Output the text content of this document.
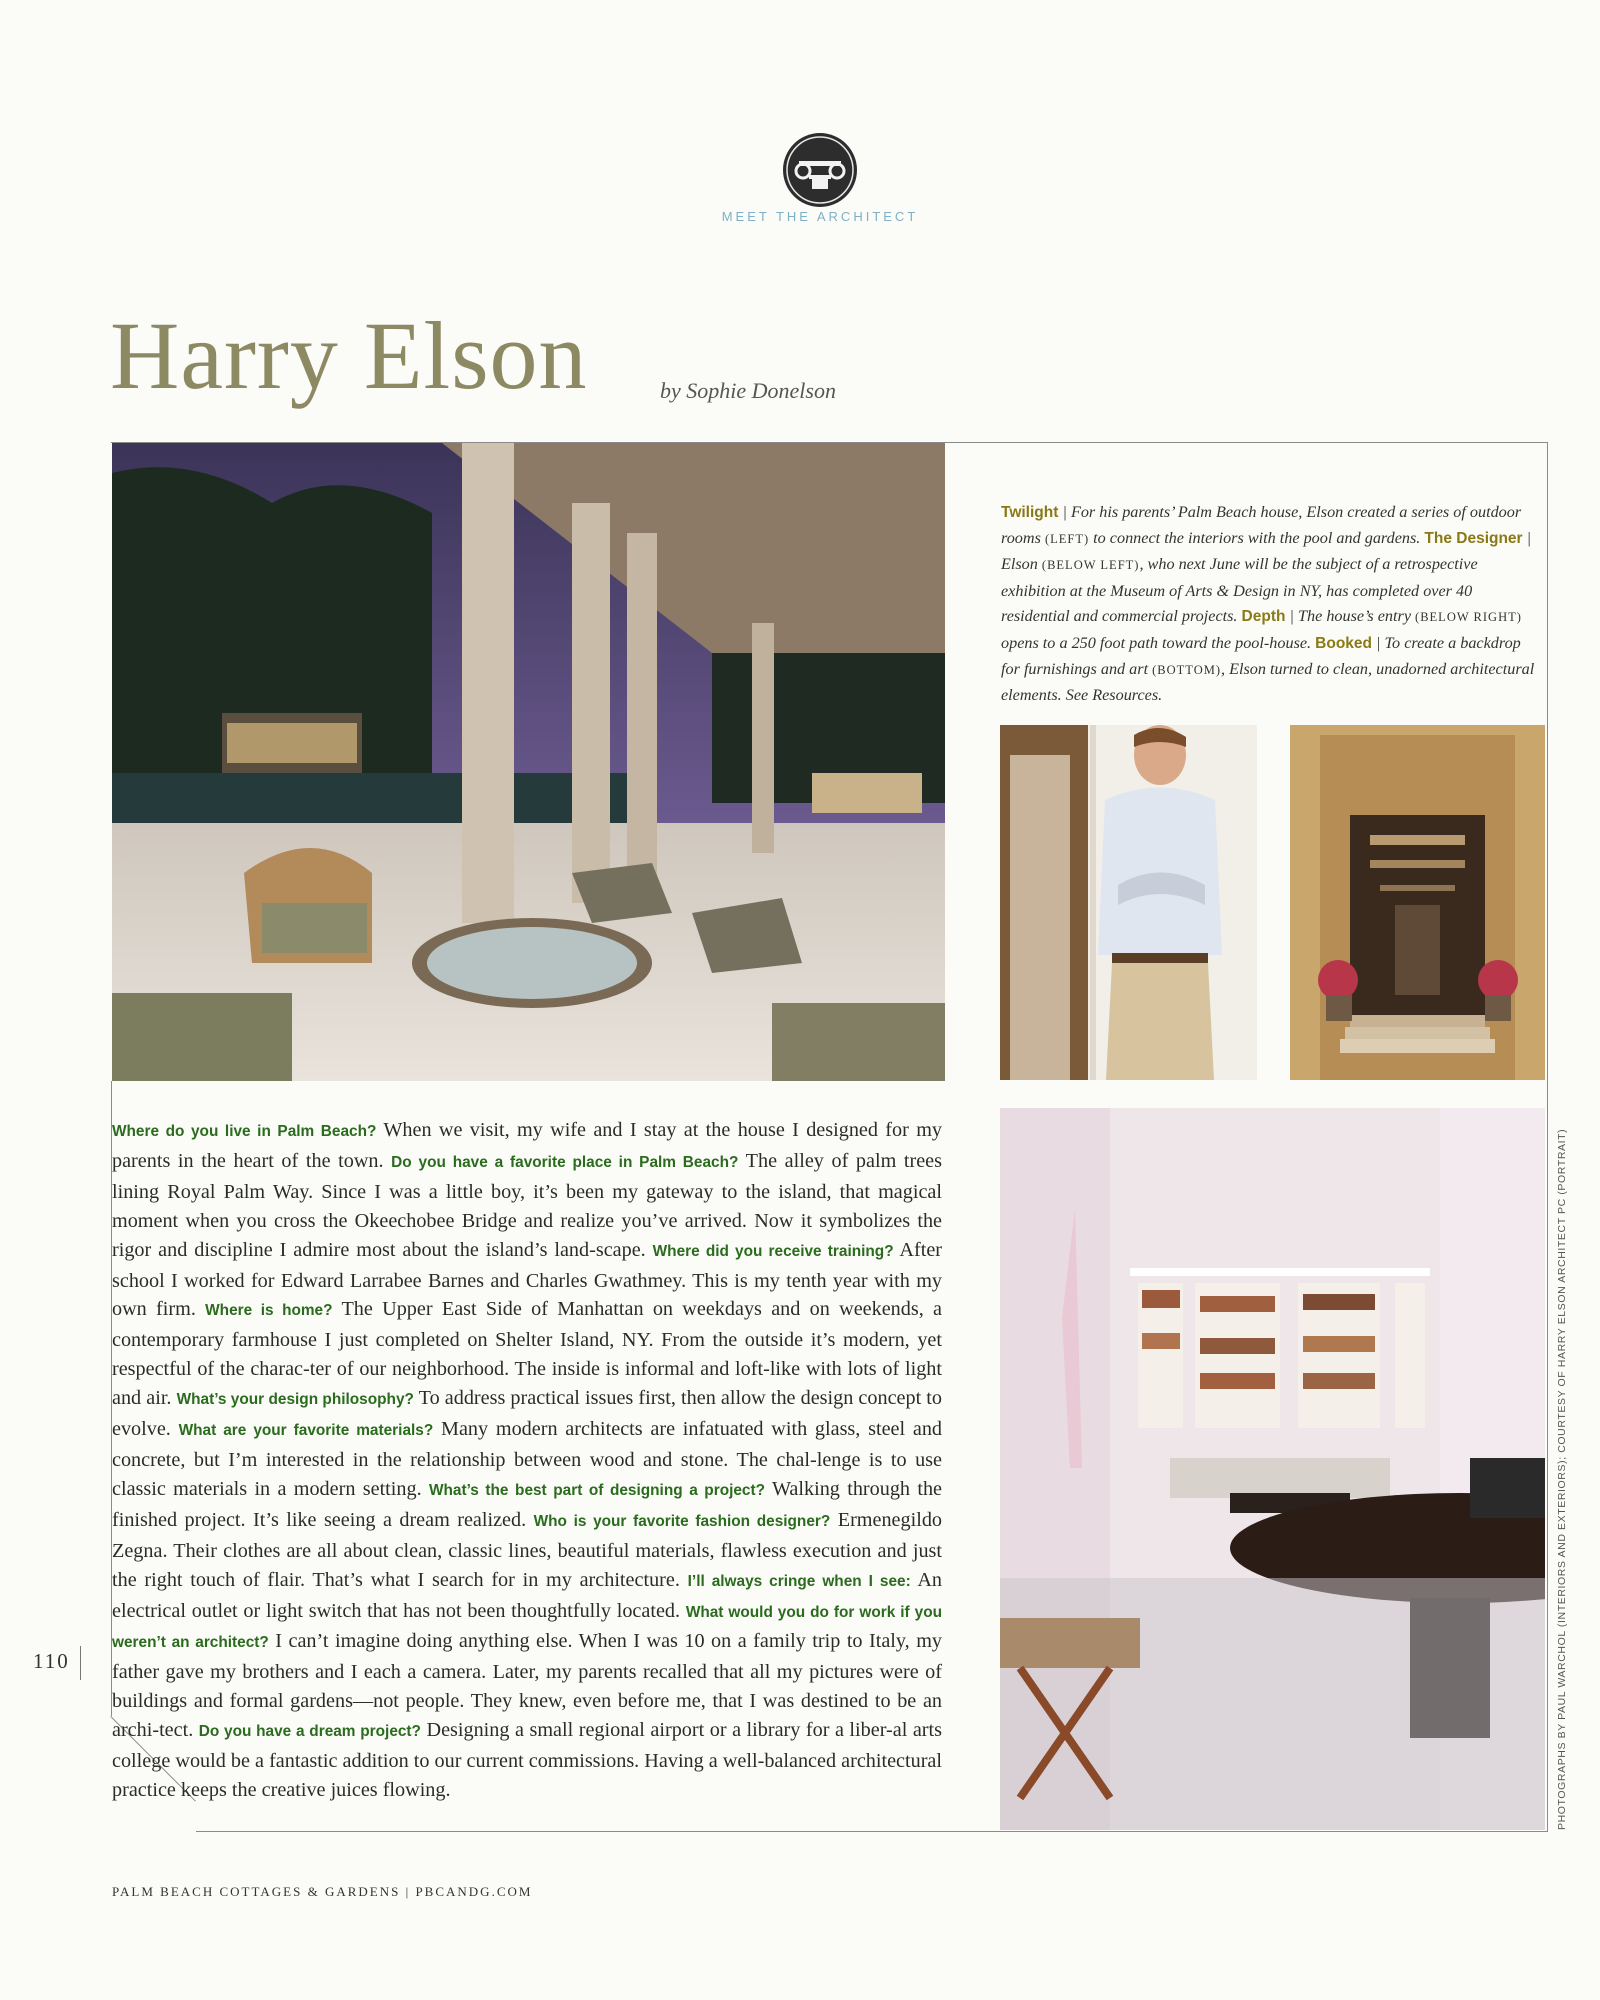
MEET THE ARCHITECT
Harry Elson	by Sophie Donelson
Twilight | For his parents’ Palm Beach house, Elson created a series of outdoor rooms (LEFT) to connect the interiors with the pool and gardens. The Designer | Elson (BELOW LEFT), who next June will be the subject of a retrospective exhibition at the Museum of Arts & Design in NY, has completed over 40 residential and commercial projects. Depth | The house’s entry (BELOW RIGHT) opens to a 250 foot path toward the pool-house. Booked | To create a backdrop for furnishings and art (BOTTOM), Elson turned to clean, unadorned architectural elements. See Resources.
Where do you live in Palm Beach? When we visit, my wife and I stay at the house I designed for my parents in the heart of the town. Do you have a favorite place in Palm Beach? The alley of palm trees lining Royal Palm Way. Since I was a little boy, it’s been my gateway to the island, that magical moment when you cross the Okeechobee Bridge and realize you’ve arrived. Now it symbolizes the rigor and discipline I admire most about the island’s land-scape. Where did you receive training? After school I worked for Edward Larrabee Barnes and Charles Gwathmey. This is my tenth year with my own firm. Where is home? The Upper East Side of Manhattan on weekdays and on weekends, a contemporary farmhouse I just completed on Shelter Island, NY. From the outside it’s modern, yet respectful of the charac-ter of our neighborhood. The inside is informal and loft-like with lots of light and air. What’s your design philosophy? To address practical issues first, then allow the design concept to evolve. What are your favorite materials? Many modern architects are infatuated with glass, steel and concrete, but I’m interested in the relationship between wood and stone. The chal-lenge is to use classic materials in a modern setting. What’s the best part of designing a project? Walking through the finished project. It’s like seeing a dream realized. Who is your favorite fashion designer? Ermenegildo Zegna. Their clothes are all about clean, classic lines, beautiful materials, flawless execution and just the right touch of flair. That’s what I search for in my architecture. I’ll always cringe when I see: An electrical outlet or light switch that has not been thoughtfully located. What would you do for work if you weren’t an architect? I can’t imagine doing anything else. When I was 10 on a family trip to Italy, my father gave my brothers and I each a camera. Later, my parents recalled that all my pictures were of buildings and formal gardens—not people. They knew, even before me, that I was destined to be an archi-tect. Do you have a dream project? Designing a small regional airport or a library for a liber-al arts college would be a fantastic addition to our current commissions. Having a well-balanced architectural practice keeps the creative juices flowing.
110
PALM BEACH COTTAGES & GARDENS | PBCANDG.COM
PHOTOGRAPHS BY PAUL WARCHOL (INTERIORS AND EXTERIORS); COURTESY OF HARRY ELSON ARCHITECT PC (PORTRAIT)
